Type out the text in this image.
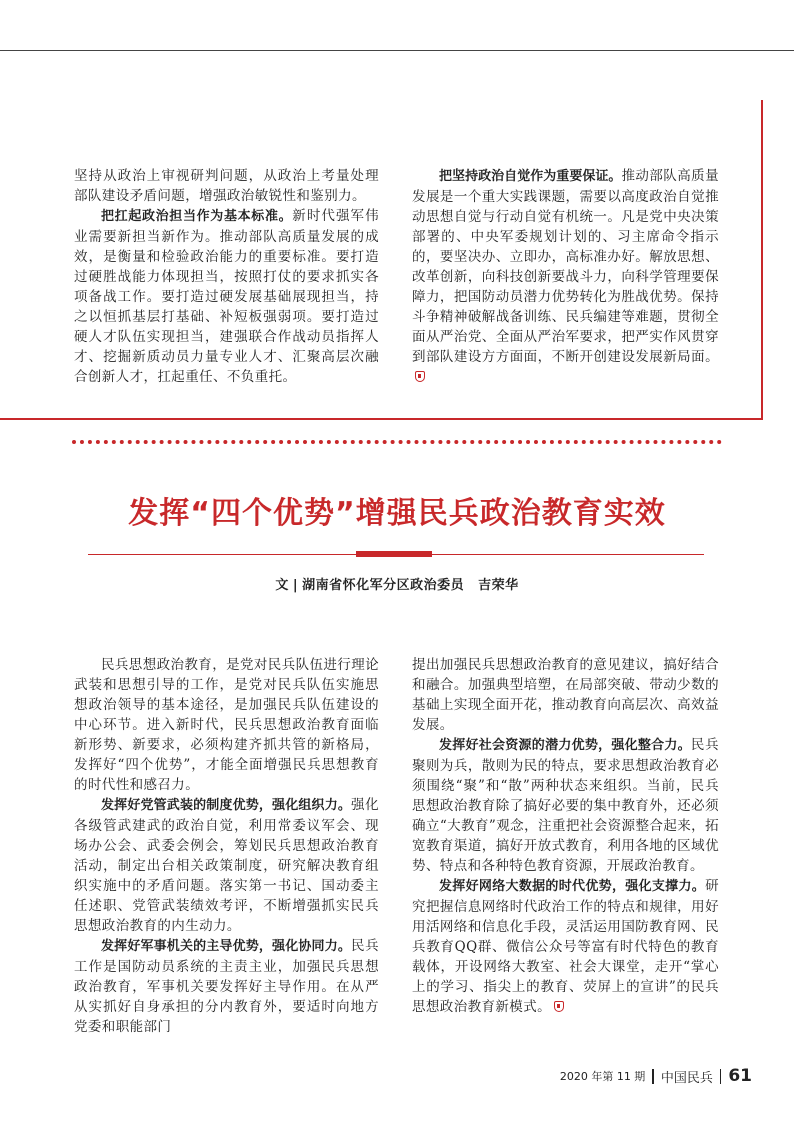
坚持从政治上审视研判问题，从政治上考量处理部队建设矛盾问题，增强政治敏锐性和鉴别力。

把扛起政治担当作为基本标准。新时代强军伟业需要新担当新作为。推动部队高质量发展的成效，是衡量和检验政治能力的重要标准。要打造过硬胜战能力体现担当，按照打仗的要求抓实各项备战工作。要打造过硬发展基础展现担当，持之以恒抓基层打基础、补短板强弱项。要打造过硬人才队伍实现担当，建强联合作战动员指挥人才、挖掘新质动员力量专业人才、汇聚高层次融合创新人才，扛起重任、不负重托。

把坚持政治自觉作为重要保证。推动部队高质量发展是一个重大实践课题，需要以高度政治自觉推动思想自觉与行动自觉有机统一。凡是党中央决策部署的、中央军委规划计划的、习主席命令指示的，要坚决办、立即办，高标准办好。解放思想、改革创新，向科技创新要战斗力，向科学管理要保障力，把国防动员潜力优势转化为胜战优势。保持斗争精神破解战备训练、民兵编建等难题，贯彻全面从严治党、全面从严治军要求，把严实作风贯穿到部队建设方方面面，不断开创建设发展新局面。

发挥“四个优势”增强民兵政治教育实效
文 | 湖南省怀化军分区政治委员 吉荣华

民兵思想政治教育，是党对民兵队伍进行理论武装和思想引导的工作，是党对民兵队伍实施思想政治领导的基本途径，是加强民兵队伍建设的中心环节。进入新时代，民兵思想政治教育面临新形势、新要求，必须构建齐抓共管的新格局，发挥好“四个优势”，才能全面增强民兵思想教育的时代性和感召力。

发挥好党管武装的制度优势，强化组织力。强化各级管武建武的政治自觉，利用常委议军会、现场办公会、武委会例会，筹划民兵思想政治教育活动，制定出台相关政策制度，研究解决教育组织实施中的矛盾问题。落实第一书记、国动委主任述职、党管武装绩效考评，不断增强抓实民兵思想政治教育的内生动力。

发挥好军事机关的主导优势，强化协同力。民兵工作是国防动员系统的主责主业，加强民兵思想政治教育，军事机关要发挥好主导作用。在从严从实抓好自身承担的分内教育外，要适时向地方党委和职能部门

提出加强民兵思想政治教育的意见建议，搞好结合和融合。加强典型培塑，在局部突破、带动少数的基础上实现全面开花，推动教育向高层次、高效益发展。

发挥好社会资源的潜力优势，强化整合力。民兵聚则为兵，散则为民的特点，要求思想政治教育必须围绕“聚”和“散”两种状态来组织。当前，民兵思想政治教育除了搞好必要的集中教育外，还必须确立“大教育”观念，注重把社会资源整合起来，拓宽教育渠道，搞好开放式教育，利用各地的区域优势、特点和各种特色教育资源，开展政治教育。

发挥好网络大数据的时代优势，强化支撑力。研究把握信息网络时代政治工作的特点和规律，用好用活网络和信息化手段，灵活运用国防教育网、民兵教育QQ群、微信公众号等富有时代特色的教育载体，开设网络大教室、社会大课堂，走开“掌心上的学习、指尖上的教育、荧屏上的宣讲”的民兵思想政治教育新模式。

2020 年第 11 期 中国民兵 61
